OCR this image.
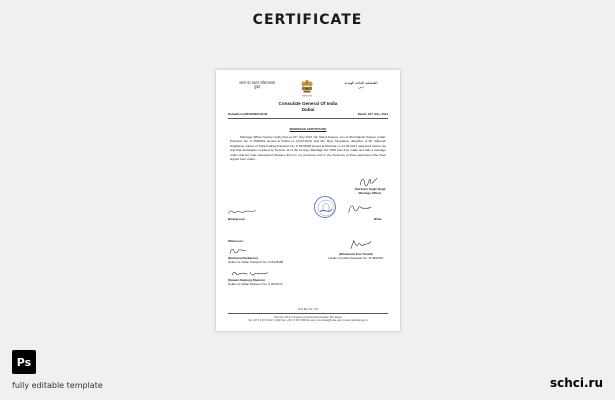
CERTIFICATE
भारत का प्रधान कोंसलावास
दुबई
सत्यमेव जयते
القنصلية العامة الهندية
دبي
Consulate General Of India
Dubai
Dubai/Cons/M/409/601/3148	Dated: 21ˢᵗ July, 2021
MARRIAGE CERTIFICATE
Marriage Officer hereby certify that on 21ˢᵗ July 2021, Mr. Rahul Kapoor, son of Shri Rajesh Kapoor, Indian Passport No. Z 4580291 issued at Dubai on 10.03.2019, and Ms. Riya Singhania, daughter of Mr. Ramesh Singhania, citizen of India holding Passport No. Z 5678430 issued at Mumbai on 21.05.2017 appeared before me and that declaration required by Section 11 of the Foreign Marriage Act 1969 was duly made and that a marriage under that Act was solemnized between them in my presence and in the presence of three witnesses who have signed here under.
(Surinder Singh Negi)
Marriage Officer
Bridegroom	Bride
Witnesses:
(Dachana Pankatore)
Holder of Indian Passport No. M 8123089
(Dhamendr Kini Trivedi)
Holder of Indian Passport No. M 3609787
(Sanam Dayburg Sharma)
Holder of Indian Passport No. Z 4063472
Post Box No. 737
Plot No. 3/2 & 3 Al Hamriya Diplomatic Enclave, Bur Dubai
Tel: +971 4 397 1222 / 1333 Fax: +971 4 397 0453 E-mail: cons.dubai@mea.gov.in www.cgidubai.gov.in
Ps
fully editable template	schci.ru
